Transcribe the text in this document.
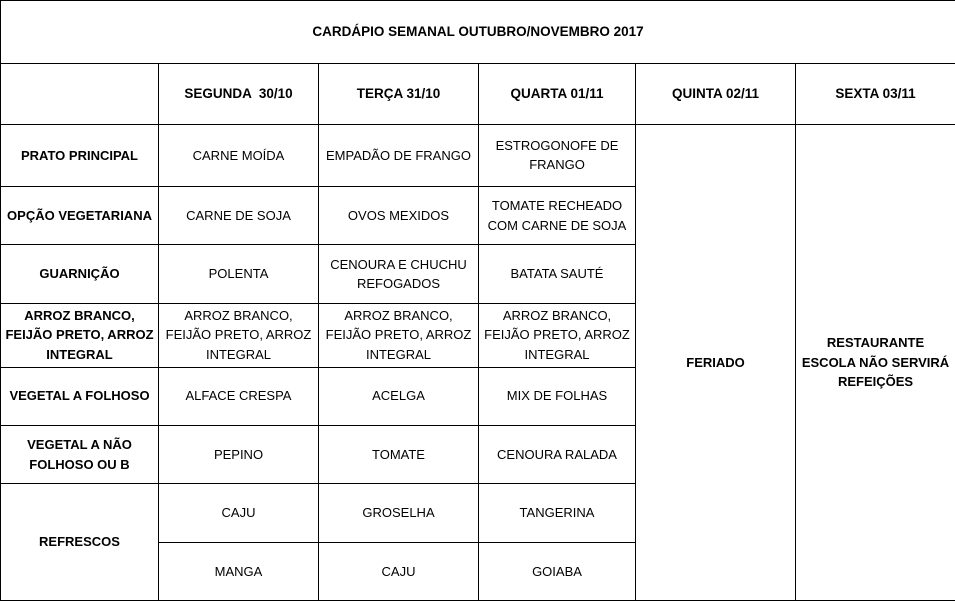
CARDÁPIO SEMANAL OUTUBRO/NOVEMBRO 2017					
	SEGUNDA  30/10	TERÇA 31/10	QUARTA 01/11	QUINTA 02/11	SEXTA 03/11
PRATO PRINCIPAL	CARNE MOÍDA	EMPADÃO DE FRANGO	ESTROGONOFE DE FRANGO	FERIADO	RESTAURANTE ESCOLA NÃO SERVIRÁ REFEIÇÕES
OPÇÃO VEGETARIANA	CARNE DE SOJA	OVOS MEXIDOS	TOMATE RECHEADO COM CARNE DE SOJA		
GUARNIÇÃO	POLENTA	CENOURA E CHUCHU REFOGADOS	BATATA SAUTÉ		
ARROZ BRANCO, FEIJÃO PRETO, ARROZ INTEGRAL	ARROZ BRANCO, FEIJÃO PRETO, ARROZ INTEGRAL	ARROZ BRANCO, FEIJÃO PRETO, ARROZ INTEGRAL	ARROZ BRANCO, FEIJÃO PRETO, ARROZ INTEGRAL		
VEGETAL A FOLHOSO	ALFACE CRESPA	ACELGA	MIX DE FOLHAS		
VEGETAL A NÃO FOLHOSO OU B	PEPINO	TOMATE	CENOURA RALADA		
REFRESCOS	CAJU	GROSELHA	TANGERINA		
	MANGA	CAJU	GOIABA		
